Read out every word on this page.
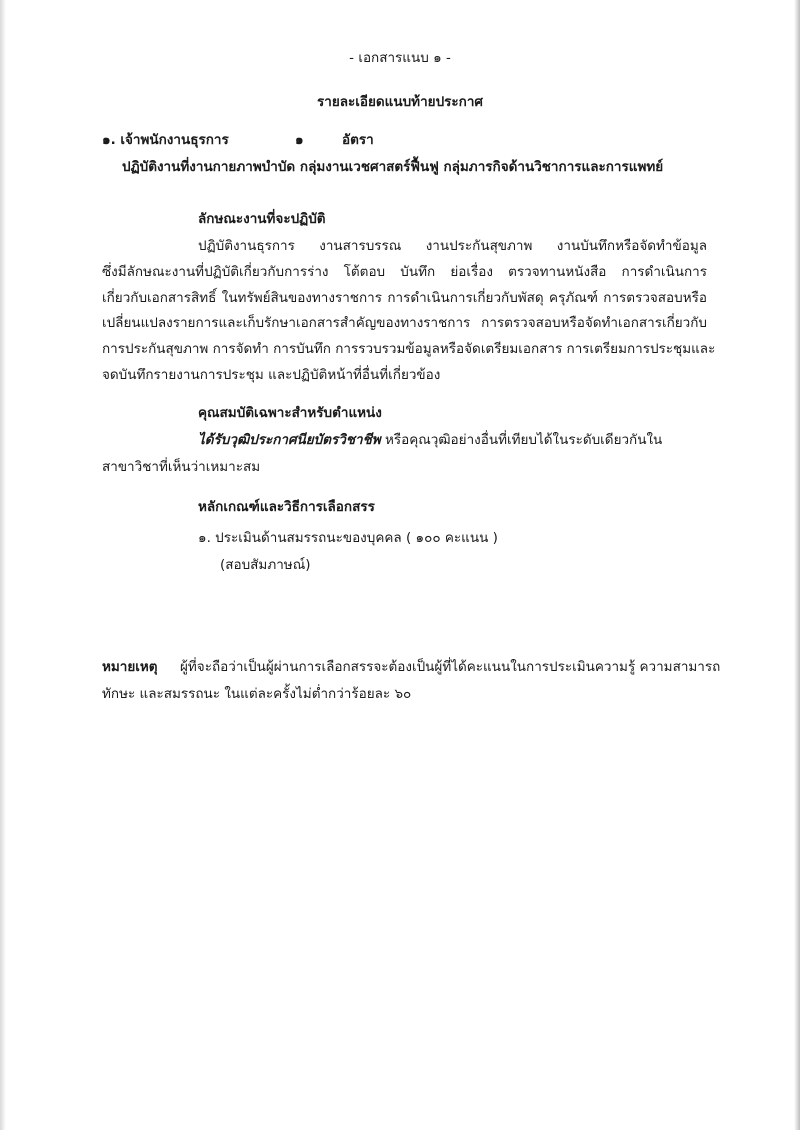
- เอกสารแนบ ๑ -
รายละเอียดแนบท้ายประกาศ
๑. เจ้าพนักงานธุรการ	๑	อัตรา
ปฏิบัติงานที่งานกายภาพบำบัด กลุ่มงานเวชศาสตร์ฟื้นฟู กลุ่มภารกิจด้านวิชาการและการแพทย์
ลักษณะงานที่จะปฏิบัติ
ปฏิบัติงานธุรการ งานสารบรรณ งานประกันสุขภาพ งานบันทึกหรือจัดทำข้อมูล
ซึ่งมีลักษณะงานที่ปฏิบัติเกี่ยวกับการร่าง โต้ตอบ บันทึก ย่อเรื่อง ตรวจทานหนังสือ การดำเนินการ
เกี่ยวกับเอกสารสิทธิ์ ในทรัพย์สินของทางราชการ การดำเนินการเกี่ยวกับพัสดุ ครุภัณฑ์ การตรวจสอบหรือ
เปลี่ยนแปลงรายการและเก็บรักษาเอกสารสำคัญของทางราชการ การตรวจสอบหรือจัดทำเอกสารเกี่ยวกับ
การประกันสุขภาพ การจัดทำ การบันทึก การรวบรวมข้อมูลหรือจัดเตรียมเอกสาร การเตรียมการประชุมและ
จดบันทึกรายงานการประชุม และปฏิบัติหน้าที่อื่นที่เกี่ยวข้อง
คุณสมบัติเฉพาะสำหรับตำแหน่ง
ได้รับวุฒิประกาศนียบัตรวิชาชีพ หรือคุณวุฒิอย่างอื่นที่เทียบได้ในระดับเดียวกันใน
สาขาวิชาที่เห็นว่าเหมาะสม
หลักเกณฑ์และวิธีการเลือกสรร
๑. ประเมินด้านสมรรถนะของบุคคล ( ๑๐๐ คะแนน )
(สอบสัมภาษณ์)
หมายเหตุ ผู้ที่จะถือว่าเป็นผู้ผ่านการเลือกสรรจะต้องเป็นผู้ที่ได้คะแนนในการประเมินความรู้ ความสามารถ
ทักษะ และสมรรถนะ ในแต่ละครั้งไม่ต่ำกว่าร้อยละ ๖๐
